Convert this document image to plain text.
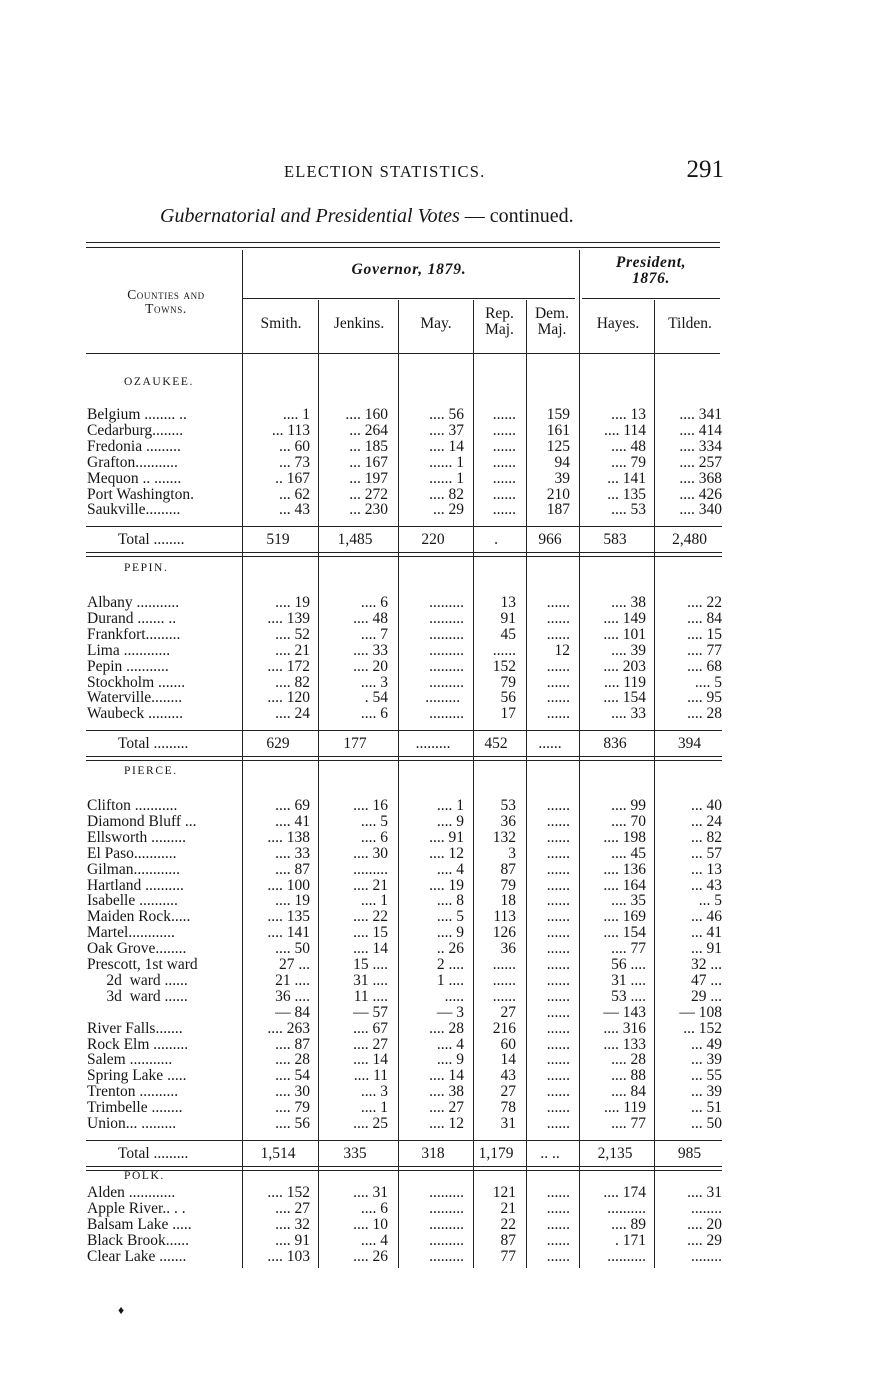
ELECTION STATISTICS.	291
Gubernatorial and Presidential Votes — continued.
Counties and
Towns.
Governor, 1879.	President,
1876.
Smith.	Jenkins.	May.
Rep.
Maj.
Dem.
Maj.	Hayes.	Tilden.
OZAUKEE.
Belgium ........ ..	.... 1	.... 160	.... 56	......	159	.... 13	.... 341
Cedarburg........	... 113	... 264	.... 37	......	161	.... 114	.... 414
Fredonia .........	... 60	... 185	.... 14	......	125	.... 48	.... 334
Grafton...........	... 73	... 167	...... 1	......	94	.... 79	.... 257
Mequon .. .......	.. 167	... 197	...... 1	......	39	... 141	.... 368
Port Washington.	... 62	... 272	.... 82	......	210	... 135	.... 426
Saukville.........	... 43	... 230	... 29	......	187	.... 53	.... 340
Total ........	519	1,485	220	.	966	583	2,480
PEPIN.
Albany ...........	.... 19	.... 6	.........	13	......	.... 38	.... 22
Durand ....... ..	.... 139	.... 48	.........	91	......	.... 149	.... 84
Frankfort.........	.... 52	.... 7	.........	45	......	.... 101	.... 15
Lima ............	.... 21	.... 33	.........	......	12	.... 39	.... 77
Pepin ...........	.... 172	.... 20	.........	152	......	.... 203	.... 68
Stockholm .......	.... 82	.... 3	.........	79	......	.... 119	.... 5
Waterville........	.... 120	. 54	.........	56	......	.... 154	.... 95
Waubeck .........	.... 24	.... 6	.........	17	......	.... 33	.... 28
Total .........	629	177	.........	452	......	836	394
PIERCE.
Clifton ...........	.... 69	.... 16	.... 1	53	......	.... 99	... 40
Diamond Bluff ...	.... 41	.... 5	.... 9	36	......	.... 70	... 24
Ellsworth .........	.... 138	.... 6	.... 91	132	......	.... 198	... 82
El Paso...........	.... 33	.... 30	.... 12	3	......	.... 45	... 57
Gilman............	.... 87	.........	.... 4	87	......	.... 136	... 13
Hartland ..........	.... 100	.... 21	.... 19	79	......	.... 164	... 43
Isabelle ..........	.... 19	.... 1	.... 8	18	......	.... 35	... 5
Maiden Rock.....	.... 135	.... 22	.... 5	113	......	.... 169	... 46
Martel............	.... 141	.... 15	.... 9	126	......	.... 154	... 41
Oak Grove........	.... 50	.... 14	.. 26	36	......	.... 77	... 91
Prescott, 1st ward	27 ...	15 ....	2 ....	......	......	56 ....	32 ...
2d  ward ......	21 ....	31 ....	1 ....	......	......	31 ....	47 ...
3d  ward ......	36 ....	11 ....	.....	......	......	53 ....	29 ...
— 84	— 57	— 3	27	......	— 143	— 108
River Falls.......	.... 263	.... 67	.... 28	216	......	.... 316	... 152
Rock Elm .........	.... 87	.... 27	.... 4	60	......	.... 133	... 49
Salem ...........	.... 28	.... 14	.... 9	14	......	.... 28	... 39
Spring Lake .....	.... 54	.... 11	.... 14	43	......	.... 88	... 55
Trenton ..........	.... 30	.... 3	.... 38	27	......	.... 84	... 39
Trimbelle ........	.... 79	.... 1	.... 27	78	......	.... 119	... 51
Union... .........	.... 56	.... 25	.... 12	31	......	.... 77	... 50
Total .........	1,514	335	318	1,179	.. ..	2,135	985
POLK.
Alden ............	.... 152	.... 31	.........	121	......	.... 174	.... 31
Apple River.. . .	.... 27	.... 6	.........	21	......	..........	........
Balsam Lake .....	.... 32	.... 10	.........	22	......	.... 89	.... 20
Black Brook......	.... 91	.... 4	.........	87	......	. 171	.... 29
Clear Lake .......	.... 103	.... 26	.........	77	......	..........	........
♦
